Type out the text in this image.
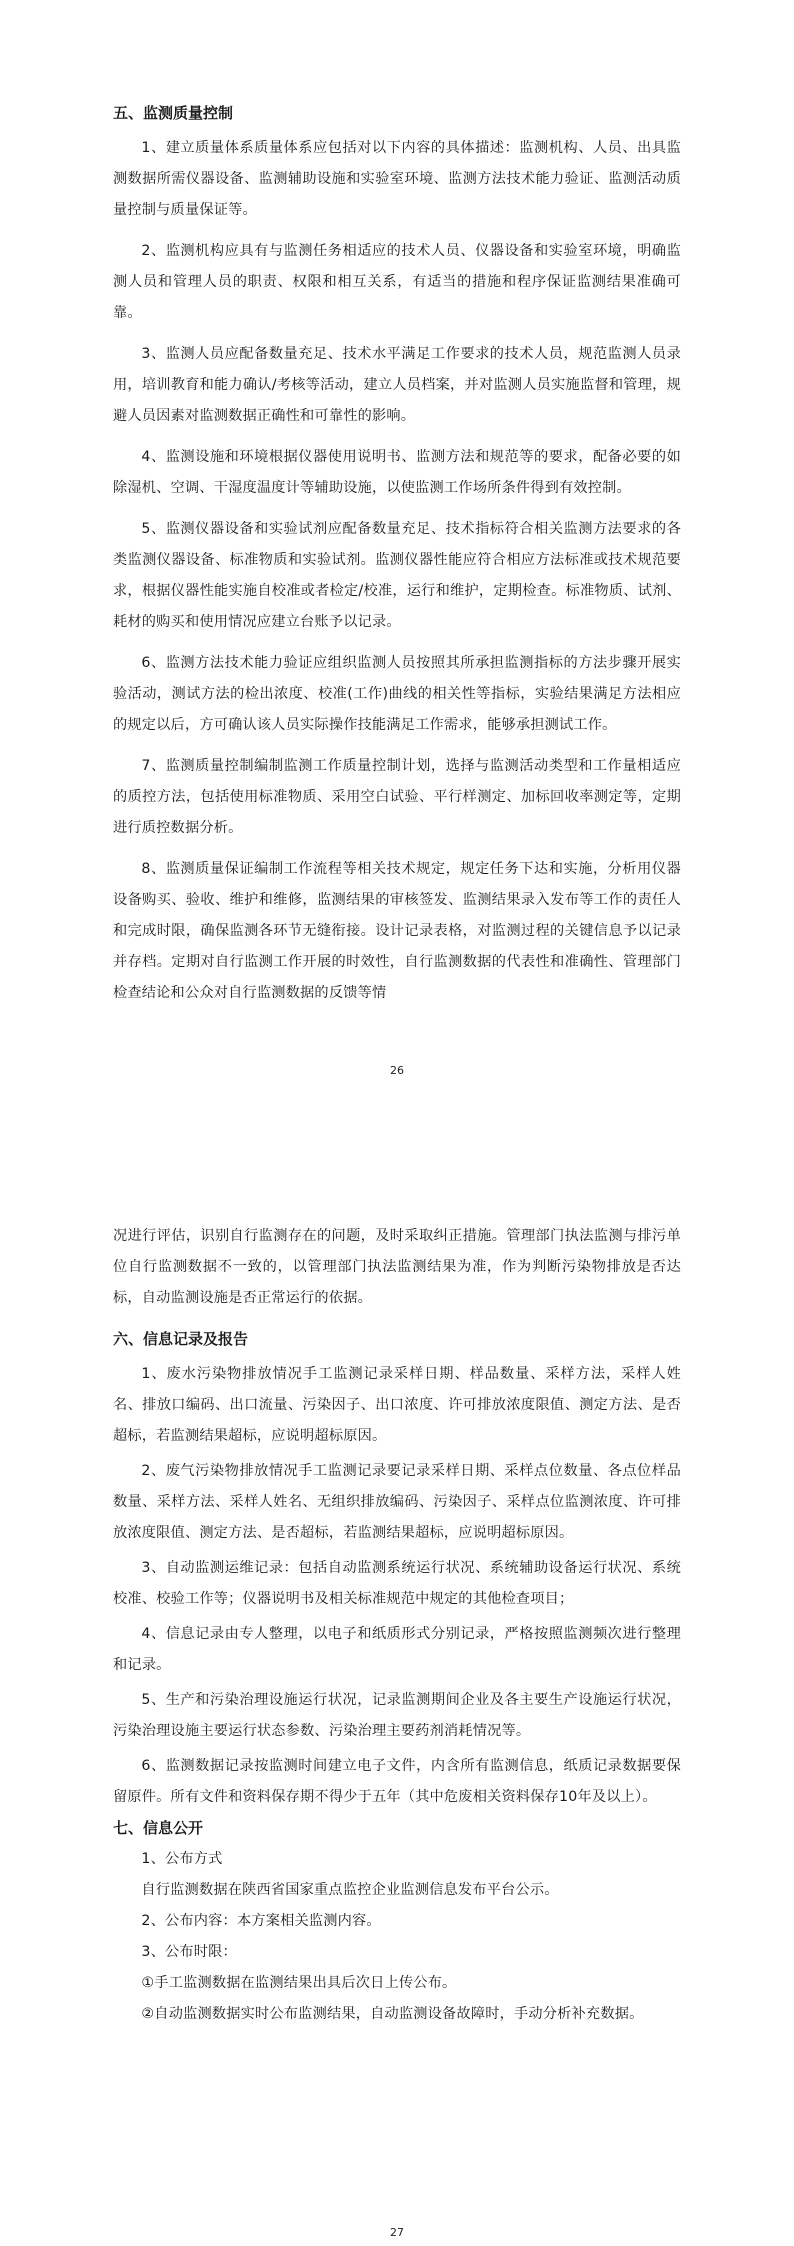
五、监测质量控制

1、建立质量体系质量体系应包括对以下内容的具体描述：监测机构、人员、出具监测数据所需仪器设备、监测辅助设施和实验室环境、监测方法技术能力验证、监测活动质量控制与质量保证等。

2、监测机构应具有与监测任务相适应的技术人员、仪器设备和实验室环境，明确监测人员和管理人员的职责、权限和相互关系，有适当的措施和程序保证监测结果准确可靠。

3、监测人员应配备数量充足、技术水平满足工作要求的技术人员，规范监测人员录用，培训教育和能力确认/考核等活动，建立人员档案，并对监测人员实施监督和管理，规避人员因素对监测数据正确性和可靠性的影响。

4、监测设施和环境根据仪器使用说明书、监测方法和规范等的要求，配备必要的如除湿机、空调、干湿度温度计等辅助设施，以使监测工作场所条件得到有效控制。

5、监测仪器设备和实验试剂应配备数量充足、技术指标符合相关监测方法要求的各类监测仪器设备、标准物质和实验试剂。监测仪器性能应符合相应方法标准或技术规范要求，根据仪器性能实施自校准或者检定/校准，运行和维护，定期检查。标准物质、试剂、耗材的购买和使用情况应建立台账予以记录。

6、监测方法技术能力验证应组织监测人员按照其所承担监测指标的方法步骤开展实验活动，测试方法的检出浓度、校准(工作)曲线的相关性等指标，实验结果满足方法相应的规定以后，方可确认该人员实际操作技能满足工作需求，能够承担测试工作。

7、监测质量控制编制监测工作质量控制计划，选择与监测活动类型和工作量相适应的质控方法，包括使用标准物质、采用空白试验、平行样测定、加标回收率测定等，定期进行质控数据分析。

8、监测质量保证编制工作流程等相关技术规定，规定任务下达和实施，分析用仪器设备购买、验收、维护和维修，监测结果的审核签发、监测结果录入发布等工作的责任人和完成时限，确保监测各环节无缝衔接。设计记录表格，对监测过程的关键信息予以记录并存档。定期对自行监测工作开展的时效性，自行监测数据的代表性和准确性、管理部门检查结论和公众对自行监测数据的反馈等情

26

况进行评估，识别自行监测存在的问题，及时采取纠正措施。管理部门执法监测与排污单位自行监测数据不一致的，以管理部门执法监测结果为准，作为判断污染物排放是否达标，自动监测设施是否正常运行的依据。

六、信息记录及报告

1、废水污染物排放情况手工监测记录采样日期、样品数量、采样方法，采样人姓名、排放口编码、出口流量、污染因子、出口浓度、许可排放浓度限值、测定方法、是否超标，若监测结果超标，应说明超标原因。

2、废气污染物排放情况手工监测记录要记录采样日期、采样点位数量、各点位样品数量、采样方法、采样人姓名、无组织排放编码、污染因子、采样点位监测浓度、许可排放浓度限值、测定方法、是否超标，若监测结果超标，应说明超标原因。

3、自动监测运维记录：包括自动监测系统运行状况、系统辅助设备运行状况、系统校准、校验工作等；仪器说明书及相关标准规范中规定的其他检查项目；

4、信息记录由专人整理，以电子和纸质形式分别记录，严格按照监测频次进行整理和记录。

5、生产和污染治理设施运行状况，记录监测期间企业及各主要生产设施运行状况，污染治理设施主要运行状态参数、污染治理主要药剂消耗情况等。

6、监测数据记录按监测时间建立电子文件，内含所有监测信息，纸质记录数据要保留原件。所有文件和资料保存期不得少于五年（其中危废相关资料保存10年及以上）。

七、信息公开

1、公布方式

自行监测数据在陕西省国家重点监控企业监测信息发布平台公示。

2、公布内容：本方案相关监测内容。

3、公布时限：

①手工监测数据在监测结果出具后次日上传公布。

②自动监测数据实时公布监测结果，自动监测设备故障时，手动分析补充数据。

27
